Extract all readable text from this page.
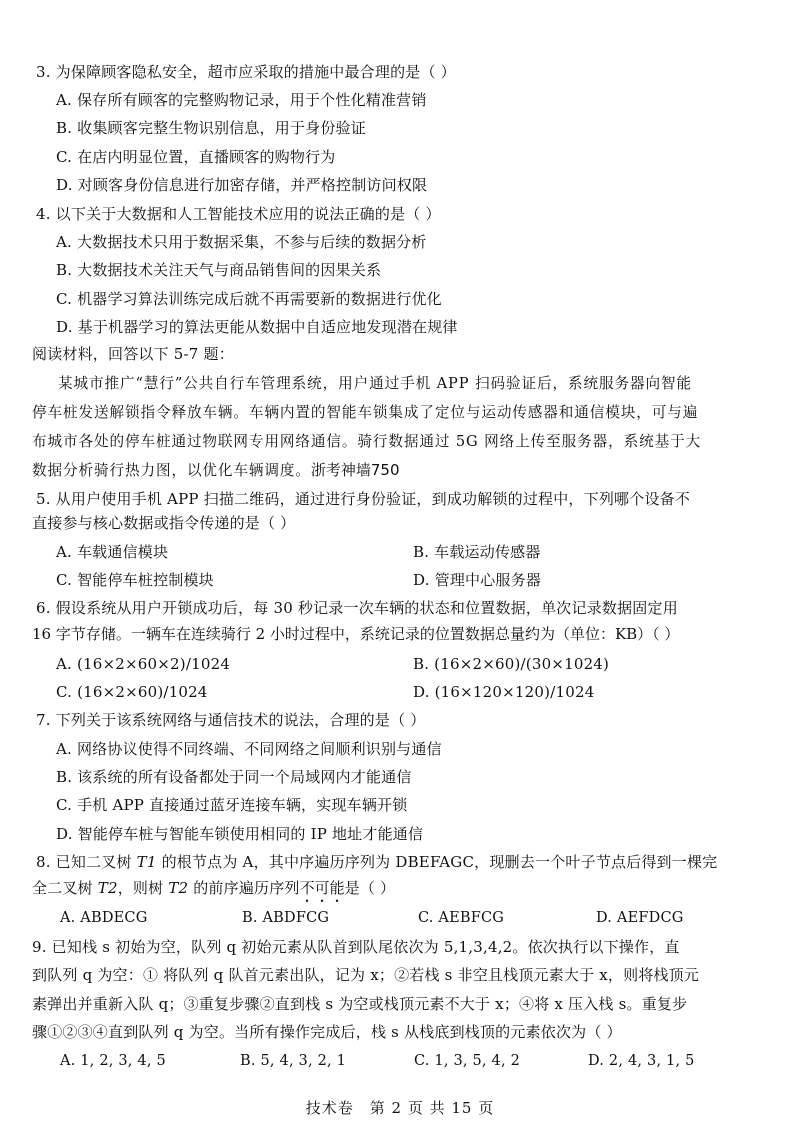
3. 为保障顾客隐私安全，超市应采取的措施中最合理的是（ ）
A. 保存所有顾客的完整购物记录，用于个性化精准营销
B. 收集顾客完整生物识别信息，用于身份验证
C. 在店内明显位置，直播顾客的购物行为
D. 对顾客身份信息进行加密存储，并严格控制访问权限
4. 以下关于大数据和人工智能技术应用的说法正确的是（ ）
A. 大数据技术只用于数据采集，不参与后续的数据分析
B. 大数据技术关注天气与商品销售间的因果关系
C. 机器学习算法训练完成后就不再需要新的数据进行优化
D. 基于机器学习的算法更能从数据中自适应地发现潜在规律
阅读材料，回答以下 5-7 题：
某城市推广“慧行”公共自行车管理系统，用户通过手机 APP 扫码验证后，系统服务器向智能
停车桩发送解锁指令释放车辆。车辆内置的智能车锁集成了定位与运动传感器和通信模块，可与遍
布城市各处的停车桩通过物联网专用网络通信。骑行数据通过 5G 网络上传至服务器，系统基于大
数据分析骑行热力图，以优化车辆调度。浙考神墙750
5. 从用户使用手机 APP 扫描二维码，通过进行身份验证，到成功解锁的过程中，下列哪个设备不
直接参与核心数据或指令传递的是（ ）
A. 车载通信模块	B. 车载运动传感器
C. 智能停车桩控制模块	D. 管理中心服务器
6. 假设系统从用户开锁成功后，每 30 秒记录一次车辆的状态和位置数据，单次记录数据固定用
16 字节存储。一辆车在连续骑行 2 小时过程中，系统记录的位置数据总量约为（单位：KB）（ ）
A. (16×2×60×2)/1024	B. (16×2×60)/(30×1024)
C. (16×2×60)/1024	D. (16×120×120)/1024
7. 下列关于该系统网络与通信技术的说法，合理的是（ ）
A. 网络协议使得不同终端、不同网络之间顺利识别与通信
B. 该系统的所有设备都处于同一个局域网内才能通信
C. 手机 APP 直接通过蓝牙连接车辆，实现车辆开锁
D. 智能停车桩与智能车锁使用相同的 IP 地址才能通信
8. 已知二叉树 T1 的根节点为 A，其中序遍历序列为 DBEFAGC，现删去一个叶子节点后得到一棵完
全二叉树 T2，则树 T2 的前序遍历序列不可能是（ ）
A. ABDECG	B. ABDFCG	C. AEBFCG	D. AEFDCG
9. 已知栈 s 初始为空，队列 q 初始元素从队首到队尾依次为 5,1,3,4,2。依次执行以下操作，直
到队列 q 为空：① 将队列 q 队首元素出队，记为 x；②若栈 s 非空且栈顶元素大于 x，则将栈顶元
素弹出并重新入队 q；③重复步骤②直到栈 s 为空或栈顶元素不大于 x；④将 x 压入栈 s。重复步
骤①②③④直到队列 q 为空。当所有操作完成后，栈 s 从栈底到栈顶的元素依次为（ ）
A. 1, 2, 3, 4, 5	B. 5, 4, 3, 2, 1	C. 1, 3, 5, 4, 2	D. 2, 4, 3, 1, 5
技术卷　第 2 页 共 15 页
